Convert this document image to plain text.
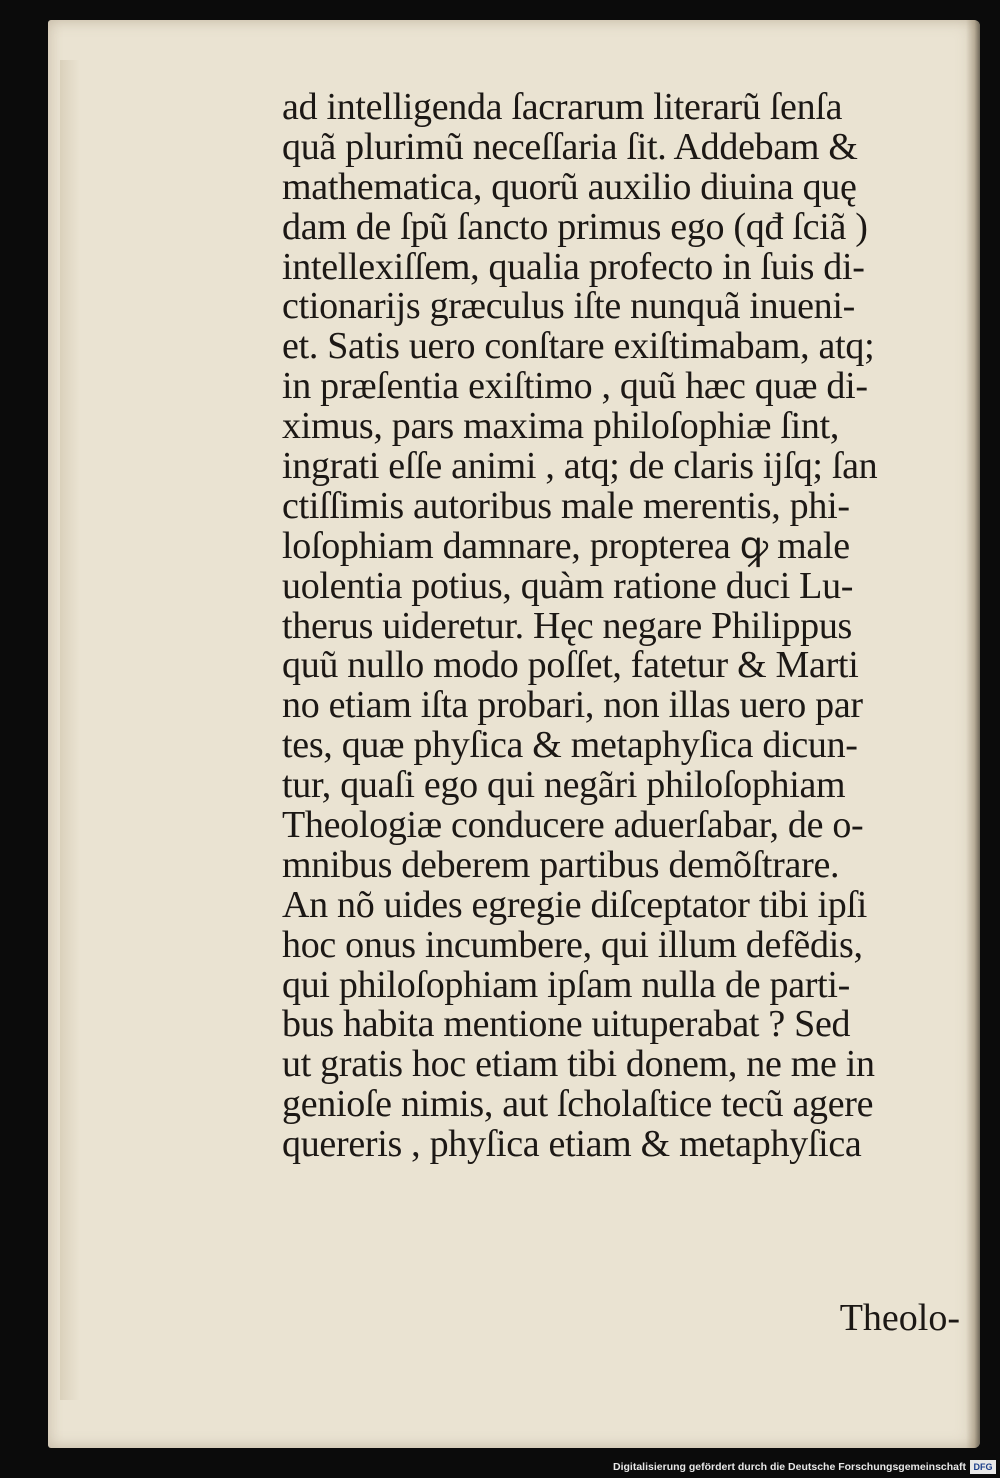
ad intelligenda ſacrarum literarũ ſenſa
quã plurimũ neceſſaria ſit. Addebam &
mathematica, quorũ auxilio diuina quę
dam de ſpũ ſancto primus ego (qđ ſciã )
intellexiſſem, qualia profecto in ſuis di-
ctionarijs græculus iſte nunquã inueni-
et. Satis uero conſtare exiſtimabam, atq;
in præſentia exiſtimo , quũ hæc quæ di-
ximus, pars maxima philoſophiæ ſint,
ingrati eſſe animi , atq; de claris ijſq; ſan
ctiſſimis autoribus male merentis, phi-
loſophiam damnare, propterea ꝙ male
uolentia potius, quàm ratione duci Lu-
therus uideretur. Hęc negare Philippus
quũ nullo modo poſſet, fatetur & Marti
no etiam iſta probari, non illas uero par
tes, quæ phyſica & metaphyſica dicun-
tur, quaſi ego qui negãri philoſophiam
Theologiæ conducere aduerſabar, de o-
mnibus deberem partibus demõſtrare.
An nõ uides egregie diſceptator tibi ipſi
hoc onus incumbere, qui illum defẽdis,
qui philoſophiam ipſam nulla de parti-
bus habita mentione uituperabat ? Sed
ut gratis hoc etiam tibi donem, ne me in
genioſe nimis, aut ſcholaſtice tecũ agere
quereris , phyſica etiam & metaphyſica
Theolo-
Digitalisierung gefördert durch die Deutsche Forschungsgemeinschaft DFG
